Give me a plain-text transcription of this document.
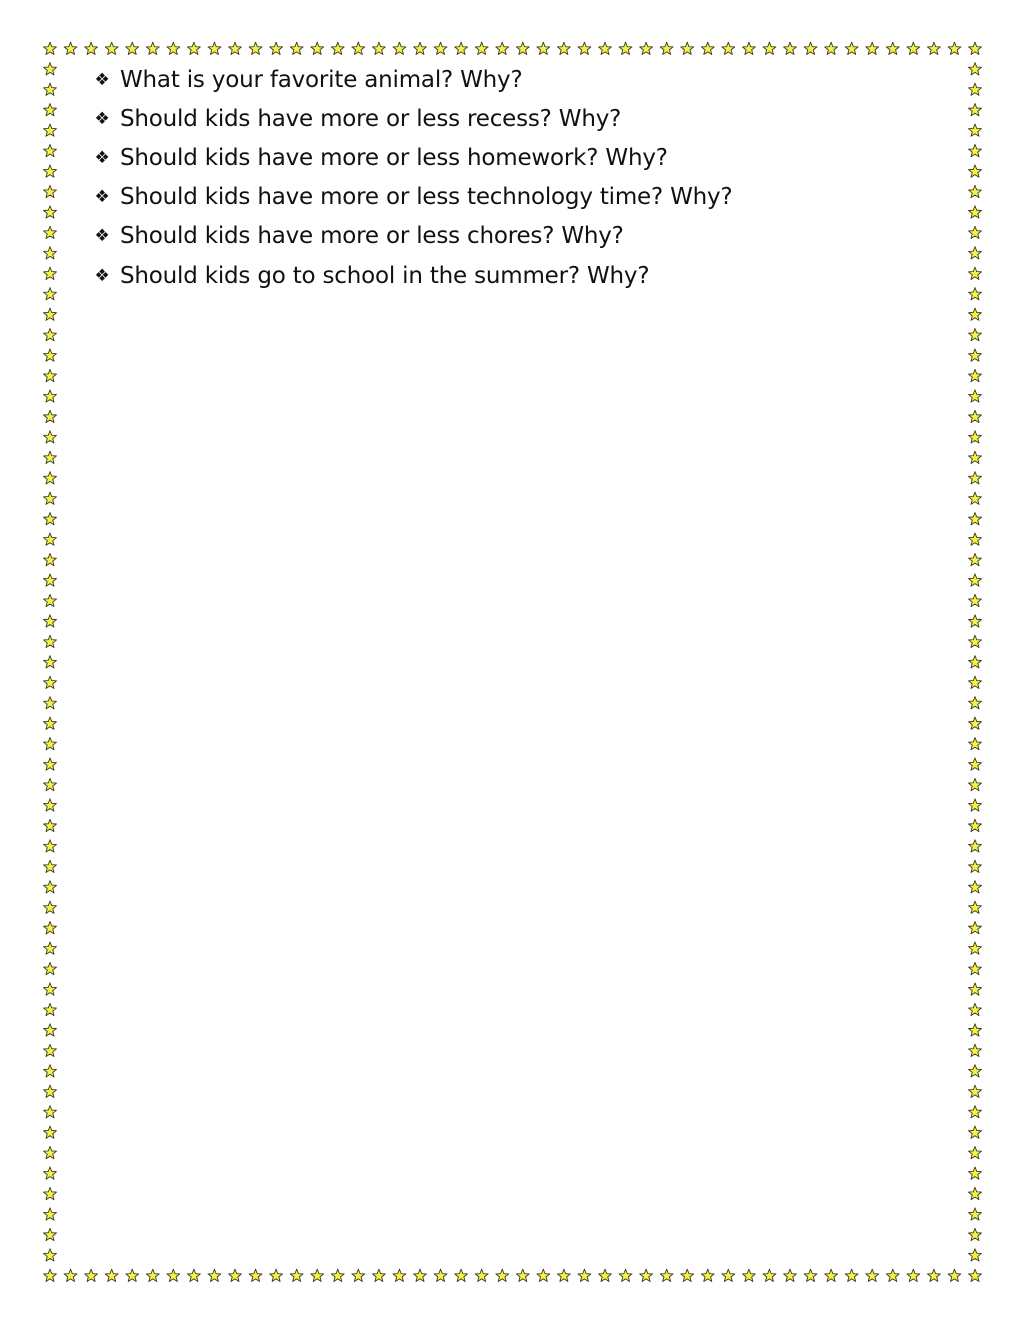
❖ What is your favorite animal? Why?
❖ Should kids have more or less recess? Why?
❖ Should kids have more or less homework? Why?
❖ Should kids have more or less technology time? Why?
❖ Should kids have more or less chores? Why?
❖ Should kids go to school in the summer? Why?
